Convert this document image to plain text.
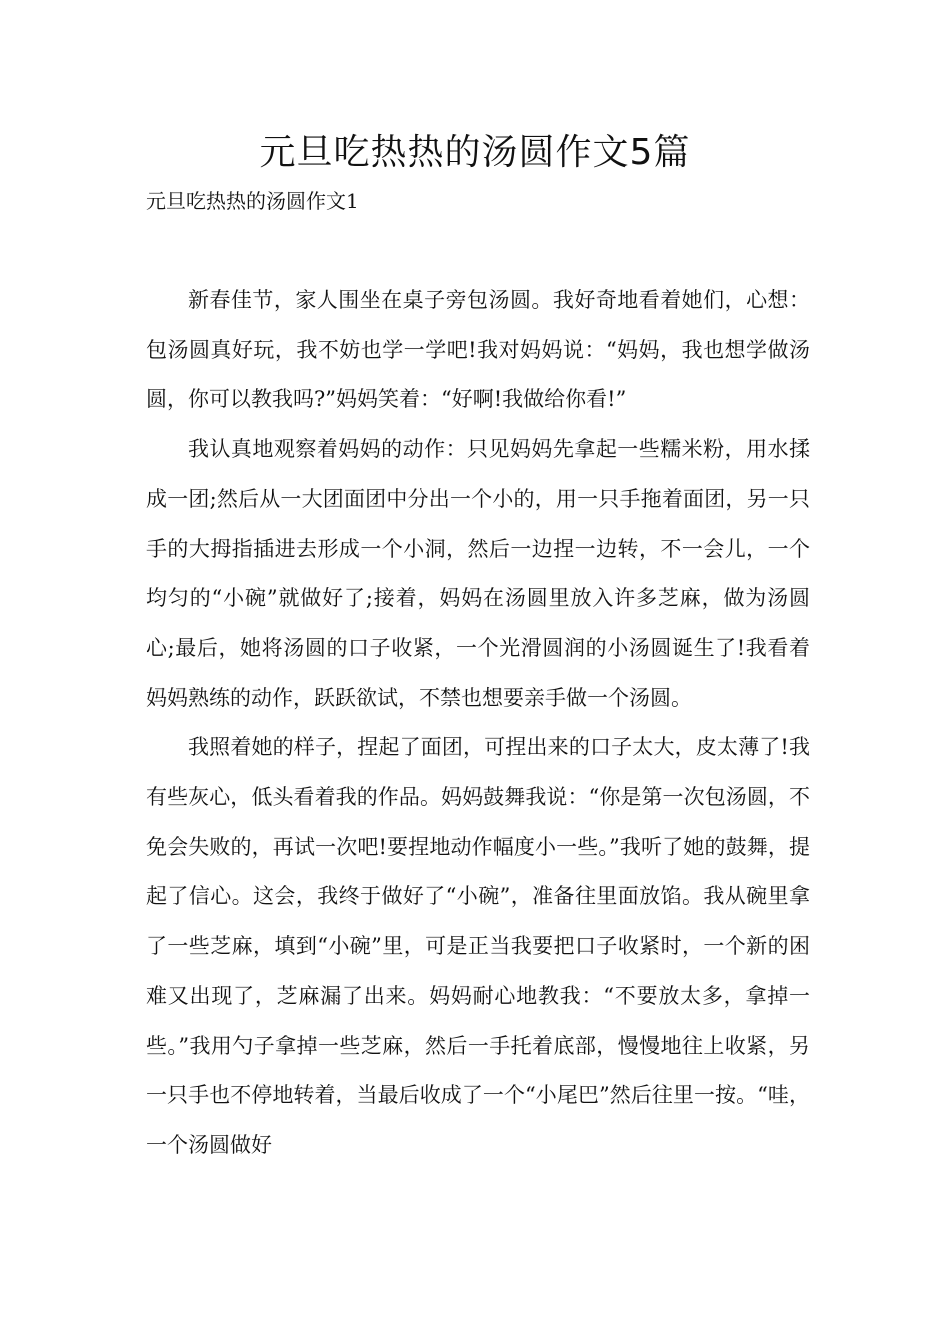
元旦吃热热的汤圆作文5篇
元旦吃热热的汤圆作文1

新春佳节，家人围坐在桌子旁包汤圆。我好奇地看着她们，心想：包汤圆真好玩，我不妨也学一学吧!我对妈妈说：“妈妈，我也想学做汤圆，你可以教我吗?”妈妈笑着：“好啊!我做给你看!”

我认真地观察着妈妈的动作：只见妈妈先拿起一些糯米粉，用水揉成一团;然后从一大团面团中分出一个小的，用一只手拖着面团，另一只手的大拇指插进去形成一个小洞，然后一边捏一边转，不一会儿，一个均匀的“小碗”就做好了;接着，妈妈在汤圆里放入许多芝麻，做为汤圆心;最后，她将汤圆的口子收紧，一个光滑圆润的小汤圆诞生了!我看着妈妈熟练的动作，跃跃欲试，不禁也想要亲手做一个汤圆。

我照着她的样子，捏起了面团，可捏出来的口子太大，皮太薄了!我有些灰心，低头看着我的作品。妈妈鼓舞我说：“你是第一次包汤圆，不免会失败的，再试一次吧!要捏地动作幅度小一些。”我听了她的鼓舞，提起了信心。这会，我终于做好了“小碗”，准备往里面放馅。我从碗里拿了一些芝麻，填到“小碗”里，可是正当我要把口子收紧时，一个新的困难又出现了，芝麻漏了出来。妈妈耐心地教我：“不要放太多，拿掉一些。”我用勺子拿掉一些芝麻，然后一手托着底部，慢慢地往上收紧，另一只手也不停地转着，当最后收成了一个“小尾巴”然后往里一按。“哇，一个汤圆做好
